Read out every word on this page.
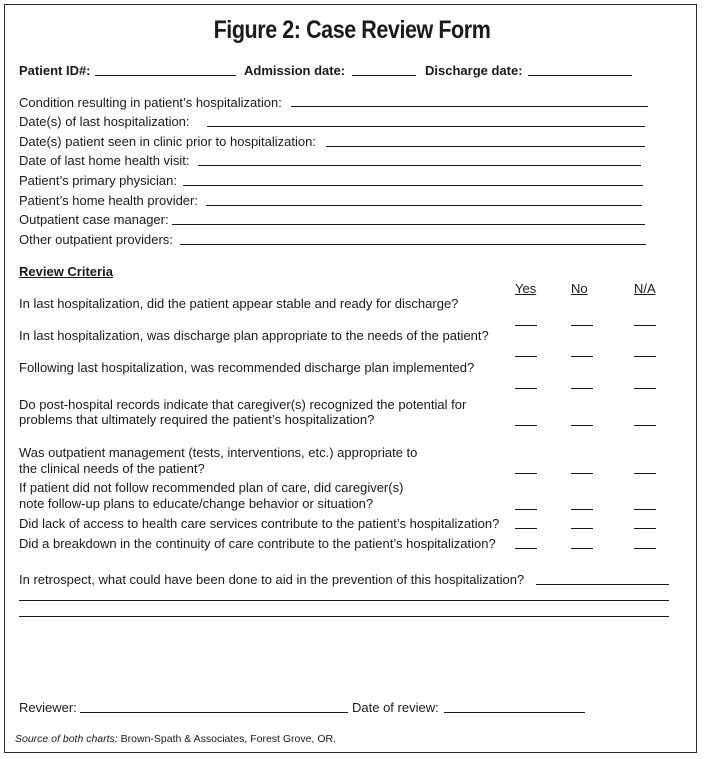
Figure 2: Case Review Form
Patient ID#:	Admission date:	Discharge date:
Condition resulting in patient’s hospitalization:
Date(s) of last hospitalization:
Date(s) patient seen in clinic prior to hospitalization:
Date of last home health visit:
Patient’s primary physician:
Patient’s home health provider:
Outpatient case manager:
Other outpatient providers:
Review Criteria
Yes	No	N/A
In last hospitalization, did the patient appear stable and ready for discharge?
In last hospitalization, was discharge plan appropriate to the needs of the patient?
Following last hospitalization, was recommended discharge plan implemented?
Do post-hospital records indicate that caregiver(s) recognized the potential for
problems that ultimately required the patient’s hospitalization?
Was outpatient management (tests, interventions, etc.) appropriate to
the clinical needs of the patient?
If patient did not follow recommended plan of care, did caregiver(s)
note follow-up plans to educate/change behavior or situation?
Did lack of access to health care services contribute to the patient’s hospitalization?
Did a breakdown in the continuity of care contribute to the patient’s hospitalization?
In retrospect, what could have been done to aid in the prevention of this hospitalization?
Reviewer:	Date of review:
Source of both charts: Brown-Spath & Associates, Forest Grove, OR.
